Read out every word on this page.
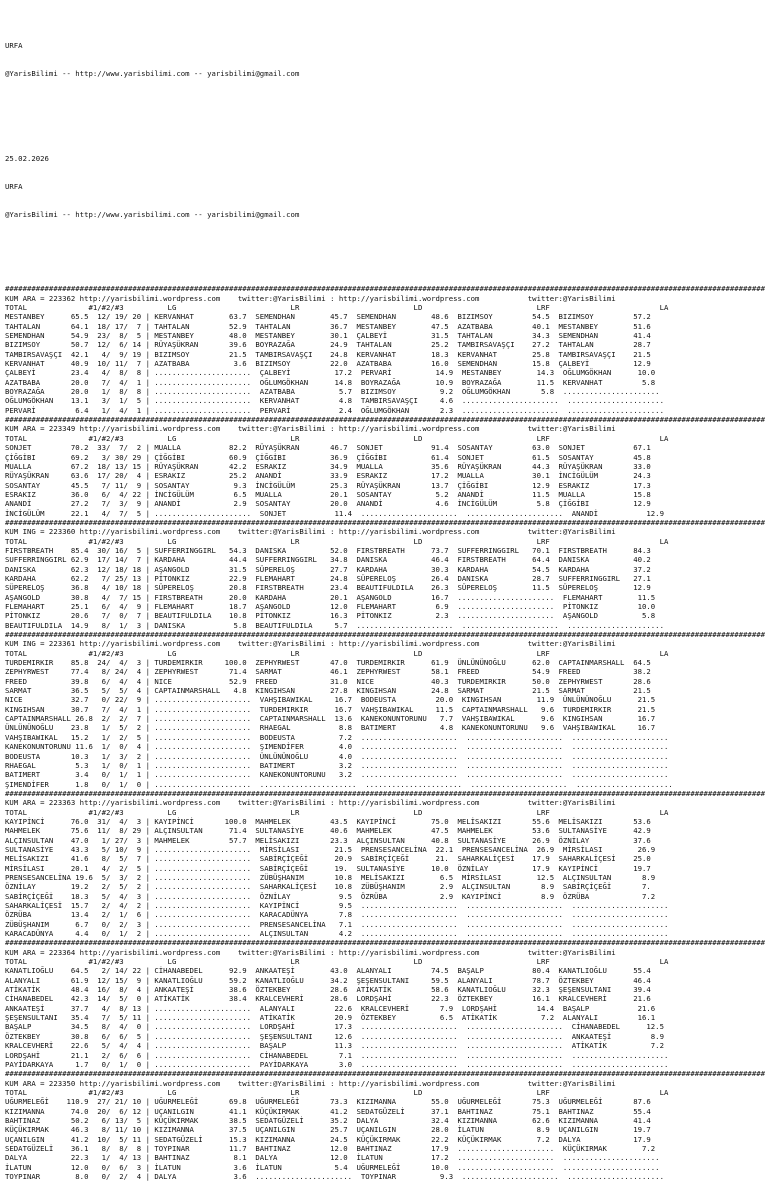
URFA

@YarisBilimi -- http://www.yarisbilimi.com -- yarisbilimi@gmail.com

25.02.2026

URFA

@YarisBilimi -- http://www.yarisbilimi.com -- yarisbilimi@gmail.com

#############################################################################################################################################################################
KUM ARA = 223362 http://yarisbilimi.wordpress.com    twitter:@YarisBilimi : http://yarisbilimi.wordpress.com           twitter:@YarisBilimi
TOTAL              #1/#2/#3          LG                          LR                          LD                          LRF                         LA
MESTANBEY      65.5  12/ 19/ 20 | KERVANHAT        63.7  SEMENDHAN        45.7  SEMENDHAN        48.6  BIZIMSOY         54.5  BIZIMSOY         57.2
TAHTALAN       64.1  18/ 17/  7 | TAHTALAN         52.9  TAHTALAN         36.7  MESTANBEY        47.5  AZATBABA         40.1  MESTANBEY        51.6
SEMENDHAN      54.9  23/  8/  5 | MESTANBEY        48.0  MESTANBEY        30.1  ÇALBEYİ          31.5  TAHTALAN         34.3  SEMENDHAN        41.4
BIZIMSOY       50.7  12/  6/ 14 | RÜYAŞÜKRAN       39.6  BOYRAZAĞA        24.9  TAHTALAN         25.2  TAMBIRSAVAŞÇI    27.2  TAHTALAN         28.7
TAMBIRSAVAŞÇI  42.1   4/  9/ 19 | BIZIMSOY         21.5  TAMBIRSAVAŞÇI    24.8  KERVANHAT        18.3  KERVANHAT        25.8  TAMBIRSAVAŞÇI    21.5
KERVANHAT      40.9  10/ 11/  7 | AZATBABA          3.6  BIZIMSOY         22.0  AZATBABA         16.0  SEMENDHAN        15.8  ÇALBEYİ          12.9
ÇALBEYİ        23.4   4/  8/  8 | ......................  ÇALBEYİ          17.2  PERVARİ          14.9  MESTANBEY        14.3  OĞLUMGÖKHAN      10.0
AZATBABA       20.0   7/  4/  1 | ......................  OĞLUMGÖKHAN      14.8  BOYRAZAĞA        10.9  BOYRAZAĞA        11.5  KERVANHAT         5.8
BOYRAZAĞA      20.0   1/  8/  8 | ......................  AZATBABA          5.7  BIZIMSOY          9.2  OĞLUMGÖKHAN       5.8  ......................
OĞLUMGÖKHAN    13.1   3/  1/  5 | ......................  KERVANHAT         4.8  TAMBIRSAVAŞÇI     4.6  ......................  ......................
PERVARİ         6.4   1/  4/  1 | ......................  PERVARİ           2.4  OĞLUMGÖKHAN       2.3  ......................  ......................
#############################################################################################################################################################################
KUM ARA = 223349 http://yarisbilimi.wordpress.com    twitter:@YarisBilimi : http://yarisbilimi.wordpress.com           twitter:@YarisBilimi
TOTAL              #1/#2/#3          LG                          LR                          LD                          LRF                         LA
SONJET         70.2  33/  7/  2 | MUALLA           82.2  RÜYAŞÜKRAN       46.7  SONJET           91.4  SOSANTAY         63.0  SONJET           67.1
ÇİĞGİBI        69.2   3/ 30/ 29 | ÇİĞGİBI          60.9  ÇİĞGİBI          36.9  ÇİĞGİBI          61.4  SONJET           61.5  SOSANTAY         45.8
MUALLA         67.2  18/ 13/ 15 | RÜYAŞÜKRAN       42.2  ESRAKIZ          34.9  MUALLA           35.6  RÜYAŞÜKRAN       44.3  RÜYAŞÜKRAN       33.0
RÜYAŞÜKRAN     63.6  17/ 20/  4 | ESRAKIZ          25.2  ANANDİ           33.9  ESRAKIZ          17.2  MUALLA           30.1  İNCİGÜLÜM        24.3
SOSANTAY       45.5   7/ 11/  9 | SOSANTAY          9.3  İNCİGÜLÜM        25.3  RÜYAŞÜKRAN       13.7  ÇİĞGİBI          12.9  ESRAKIZ          17.3
ESRAKIZ        36.0   6/  4/ 22 | İNCİGÜLÜM         6.5  MUALLA           20.1  SOSANTAY          5.2  ANANDİ           11.5  MUALLA           15.8
ANANDİ         27.2   7/  3/  9 | ANANDİ            2.9  SOSANTAY         20.0  ANANDİ            4.6  İNCİGÜLÜM         5.8  ÇİĞGİBI          12.9
İNCİGÜLÜM      22.1   4/  7/  5 | ......................  SONJET           11.4  ......................  ......................  ANANDİ           12.9
#############################################################################################################################################################################
KUM ING = 223360 http://yarisbilimi.wordpress.com    twitter:@YarisBilimi : http://yarisbilimi.wordpress.com           twitter:@YarisBilimi
TOTAL              #1/#2/#3          LG                          LR                          LD                          LRF                         LA
FIRSTBREATH    85.4  30/ 16/  5 | SUFFERRINGGIRL   54.3  DANISKA          52.0  FIRSTBREATH      73.7  SUFFERRINGGIRL   70.1  FIRSTBREATH      84.3
SUFFERRINGGIRL 62.9  17/ 14/  7 | KARDAHA          44.4  SUFFERRINGGIRL   34.8  DANISKA          46.4  FIRSTBREATH      64.4  DANISKA          40.2
DANISKA        62.3  12/ 18/ 18 | AŞANGOLD         31.5  SÜPERELOŞ        27.7  KARDAHA          30.3  KARDAHA          54.5  KARDAHA          37.2
KARDAHA        62.2   7/ 25/ 13 | PİTONKIZ         22.9  FLEMAHART        24.8  SÜPERELOŞ        26.4  DANISKA          28.7  SUFFERRINGGIRL   27.1
SÜPERELOŞ      36.8   4/ 10/ 18 | SÜPERELOŞ        20.8  FIRSTBREATH      23.4  BEAUTIFULDILA    26.3  SÜPERELOŞ        11.5  SÜPERELOŞ        12.9
AŞANGOLD       30.8   4/  7/ 15 | FIRSTBREATH      20.0  KARDAHA          20.1  AŞANGOLD         16.7  ......................  FLEMAHART        11.5
FLEMAHART      25.1   6/  4/  9 | FLEMAHART        18.7  AŞANGOLD         12.0  FLEMAHART         6.9  ......................  PİTONKIZ         10.0
PİTONKIZ       20.6   7/  0/  7 | BEAUTIFULDILA    10.8  PİTONKIZ         16.3  PİTONKIZ          2.3  ......................  AŞANGOLD          5.8
BEAUTIFULDILA  14.9   8/  1/  3 | DANISKA           5.8  BEAUTIFULDILA     5.7  ......................  ......................  ......................
#############################################################################################################################################################################
KUM ING = 223361 http://yarisbilimi.wordpress.com    twitter:@YarisBilimi : http://yarisbilimi.wordpress.com           twitter:@YarisBilimi
TOTAL              #1/#2/#3          LG                          LR                          LD                          LRF                         LA
TURDEMIRKIR    85.8  24/  4/  3 | TURDEMIRKIR     100.0  ZEPHYRWEST       47.0  TURDEMIRKIR      61.9  ÜNLÜNÜNOĞLU      62.0  CAPTAINMARSHALL  64.5
ZEPHYRWEST     77.4   8/ 24/  4 | ZEPHYRWEST       71.4  SARMAT           46.1  ZEPHYRWEST       58.1  FREED            54.9  FREED            38.2
FREED          39.8   6/  4/  4 | NICE             52.9  FREED            31.0  NICE             40.3  TURDEMIRKIR      50.0  ZEPHYRWEST       28.6
SARMAT         36.5   5/  5/  4 | CAPTAINMARSHALL   4.8  KINGIHSAN        27.8  KINGIHSAN        24.8  SARMAT           21.5  SARMAT           21.5
NICE           32.7   0/ 22/  9 | ......................  VAHŞIBAWIKAL     16.7  BODEUSTA         20.0  KINGIHSAN        11.9  ÜNLÜNÜNOĞLU      21.5
KINGIHSAN      30.7   7/  4/  1 | ......................  TURDEMIRKIR      16.7  VAHŞIBAWIKAL     11.5  CAPTAINMARSHALL   9.6  TURDEMIRKIR      21.5
CAPTAINMARSHALL 26.8  2/  2/  7 | ......................  CAPTAINMARSHALL  13.6  KANEKONUNTORUNU   7.7  VAHŞIBAWIKAL      9.6  KINGIHSAN        16.7
ÜNLÜNÜNOĞLU    23.8   1/  5/  2 | ......................  RHAEGAL           8.8  BATIMERT          4.8  KANEKONUNTORUNU   9.6  VAHŞIBAWIKAL     16.7
VAHŞIBAWIKAL   15.2   1/  2/  5 | ......................  BODEUSTA          7.2  ......................  ......................  ......................
KANEKONUNTORUNU 11.6  1/  0/  4 | ......................  ŞIMENDİFER        4.0  ......................  ......................  ......................
BODEUSTA       10.3   1/  3/  2 | ......................  ÜNLÜNÜNOĞLU       4.0  ......................  ......................  ......................
RHAEGAL         5.3   1/  0/  1 | ......................  BATIMERT          3.2  ......................  ......................  ......................
BATIMERT        3.4   0/  1/  1 | ......................  KANEKONUNTORUNU   3.2  ......................  ......................  ......................
ŞIMENDİFER      1.8   0/  1/  0 | ......................  ......................  ......................  ......................  ......................
#############################################################################################################################################################################
KUM ARA = 223363 http://yarisbilimi.wordpress.com    twitter:@YarisBilimi : http://yarisbilimi.wordpress.com           twitter:@YarisBilimi
TOTAL              #1/#2/#3          LG                          LR                          LD                          LRF                         LA
KAYIPİNCİ      76.0  31/  4/  3 | KAYIPİNCİ       100.0  MAHMELEK         43.5  KAYIPİNCİ        75.0  MELİSAKIZI       55.6  MELİSAKIZI       53.6
MAHMELEK       75.6  11/  8/ 29 | ALÇINSULTAN      71.4  SULTANASİYE      40.6  MAHMELEK         47.5  MAHMELEK         53.6  SULTANASİYE      42.9
ALÇINSULTAN    47.0   1/ 27/  3 | MAHMELEK         57.7  MELİSAKIZI       23.3  ALÇINSULTAN      40.8  SULTANASİYE      26.9  ÖZNİLAY          37.6
SULTANASİYE    43.3   5/ 10/  9 | ......................  MİRSİLASI        21.5  PRENSESANCELİNA  22.1  PRENSESANCELİNA  26.9  MİRSİLASI        26.9
MELİSAKIZI     41.6   8/  5/  7 | ......................  SABİRÇİÇEĞİ      20.9  SABİRÇİÇEĞİ      21.  SAHARKALİÇESİ    17.9  SAHARKALİÇESİ    25.0
MİRSİLASI      20.1   4/  2/  5 | ......................  SABİRÇİÇEĞİ      19.  SULTANASİYE      10.0  ÖZNİLAY          17.9  KAYIPİNCİ        19.7
PRENSESANCELİNA 19.6  5/  3/  2 | ......................  ZÜBÜŞHANIM       10.8  MELİSAKIZI        6.5  MİRSİLASI        12.5  ALÇINSULTAN       8.9
ÖZNİLAY        19.2   2/  5/  2 | ......................  SAHARKALİÇESİ    10.8  ZÜBÜŞHANIM        2.9  ALÇINSULTAN       8.9  SABİRÇİÇEĞİ       7.
SABİRÇİÇEĞİ    18.3   5/  4/  3 | ......................  ÖZNİLAY           9.5  ÖZRÜBA            2.9  KAYIPİNCİ         8.9  ÖZRÜBA            7.2
SAHARKALİÇESİ  15.7   2/  4/  2 | ......................  KAYIPİNCİ         9.5  ......................  ......................  ......................
ÖZRÜBA         13.4   2/  1/  6 | ......................  KARACADÜNYA       7.8  ......................  ......................  ......................
ZÜBÜŞHANIM      6.7   0/  2/  3 | ......................  PRENSESANCELİNA   7.1  ......................  ......................  ......................
KARACADÜNYA     4.4   0/  1/  2 | ......................  ALÇINSULTAN       4.2  ......................  ......................  ......................
#############################################################################################################################################################################
KUM ARA = 223364 http://yarisbilimi.wordpress.com    twitter:@YarisBilimi : http://yarisbilimi.wordpress.com           twitter:@YarisBilimi
TOTAL              #1/#2/#3          LG                          LR                          LD                          LRF                         LA
KANATLIOĞLU    64.5   2/ 14/ 22 | CİHANABEDEL      92.9  ANKAATEŞİ        43.0  ALANYALI         74.5  BAŞALP           80.4  KANATLIOĞLU      55.4
ALANYALI       61.9  12/ 15/  9 | KANATLIOĞLU      59.2  KANATLIOĞLU      34.2  ŞEŞENSULTANI     59.5  ALANYALI         78.7  ÖZTEKBEY         46.4
ATİKATİK       48.4  16/  8/  4 | ANKAATEŞİ        38.6  ÖZTEKBEY         28.6  ATİKATİK         58.6  KANATLIOĞLU      32.3  ŞEŞENSULTANI     39.4
CİHANABEDEL    42.3  14/  5/  0 | ATİKATİK         38.4  KRALCEVHERİ      28.6  LORDŞAHİ         22.3  ÖZTEKBEY         16.1  KRALCEVHERİ      21.6
ANKAATEŞİ      37.7   4/  8/ 13 | ......................  ALANYALI         22.6  KRALCEVHERİ       7.9  LORDŞAHİ         14.4  BAŞALP           21.6
ŞEŞENSULTANI   35.4   7/  5/ 11 | ......................  ATİKATİK         20.9  ÖZTEKBEY          6.5  ATİKATİK          7.2  ALANYALI         16.1
BAŞALP         34.5   8/  4/  0 | ......................  LORDŞAHİ         17.3  ......................  ......................  CİHANABEDEL      12.5
ÖZTEKBEY       30.8   6/  6/  5 | ......................  ŞEŞENSULTANI     12.6  ......................  ......................  ANKAATEŞİ         8.9
KRALCEVHERİ    22.6   5/  4/  4 | ......................  BAŞALP           11.3  ......................  ......................  ATİKATİK          7.2
LORDŞAHİ       21.1   2/  6/  6 | ......................  CİHANABEDEL       7.1  ......................  ......................  ......................
PAYİDARKAYA     1.7   0/  1/  0 | ......................  PAYİDARKAYA       3.0  ......................  ......................  ......................
#############################################################################################################################################################################
KUM ARA = 223350 http://yarisbilimi.wordpress.com    twitter:@YarisBilimi : http://yarisbilimi.wordpress.com           twitter:@YarisBilimi
TOTAL              #1/#2/#3          LG                          LR                          LD                          LRF                         LA
UĞURMELEĞİ    110.9  27/ 21/ 10 | UĞURMELEĞİ       69.8  UĞURMELEĞİ       73.3  KIZIMANNA        55.0  UĞURMELEĞİ       75.3  UĞURMELEĞİ       87.6
KIZIMANNA      74.0  20/  6/ 12 | UÇANILGIN        41.1  KÜÇÜKIRMAK       41.2  SEDATGÜZELİ      37.1  BAHTINAZ         75.1  BAHTINAZ         55.4
BAHTINAZ       50.2   6/ 13/  5 | KÜÇÜKIRMAK       38.5  SEDATGÜZELİ      35.2  DALYA            32.4  KIZIMANNA        62.6  KIZIMANNA        41.4
KÜÇÜKIRMAK     46.3   8/ 11/ 10 | KIZIMANNA        37.5  UÇANILGIN        25.7  UÇANILGIN        28.0  İLATUN            8.9  UÇANILGIN        19.7
UÇANILGIN      41.2  10/  5/ 11 | SEDATGÜZELİ      15.3  KIZIMANNA        24.5  KÜÇÜKIRMAK       22.2  KÜÇÜKIRMAK        7.2  DALYA            17.9
SEDATGÜZELİ    36.1   8/  8/  8 | TOYPINAR         11.7  BAHTINAZ         12.0  BAHTINAZ         17.9  ......................  KÜÇÜKIRMAK        7.2
DALYA          22.3   1/  4/ 13 | BAHTINAZ          8.1  DALYA            12.0  İLATUN           17.2  ......................  ......................
İLATUN         12.0   0/  6/  3 | İLATUN            3.6  İLATUN            5.4  UĞURMELEĞİ       10.0  ......................  ......................
TOYPINAR        8.0   0/  2/  4 | DALYA             3.6  ......................  TOYPINAR          9.3  ......................  ......................
